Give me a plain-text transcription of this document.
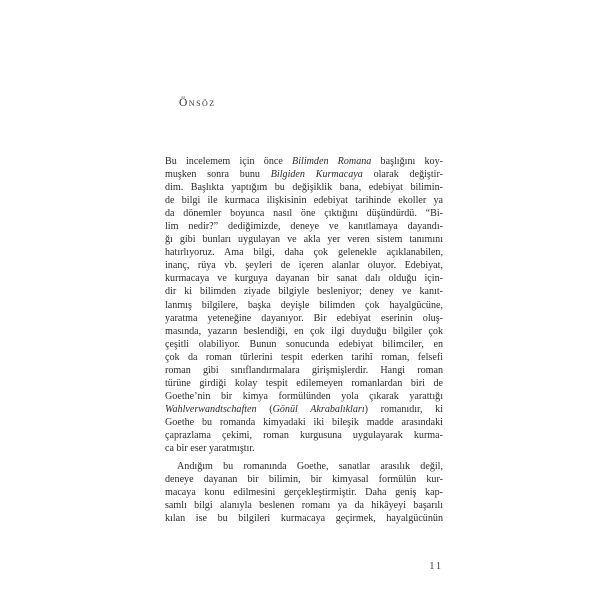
Önsöz
Bu incelemem için önce Bilimden Romana başlığını koy-
muşken sonra bunu Bilgiden Kurmacaya olarak değiştir-
dim. Başlıkta yaptığım bu değişiklik bana, edebiyat bilimin-
de bilgi ile kurmaca ilişkisinin edebiyat tarihinde ekoller ya
da dönemler boyunca nasıl öne çıktığını düşündürdü. “Bi-
lim nedir?” dediğimizde, deneye ve kanıtlamaya dayandı-
ğı gibi bunları uygulayan ve akla yer veren sistem tanımını
hatırlıyoruz. Ama bilgi, daha çok gelenekle açıklanabilen,
inanç, rüya vb. şeyleri de içeren alanlar oluyor. Edebiyat,
kurmacaya ve kurguya dayanan bir sanat dalı olduğu için-
dir ki bilimden ziyade bilgiyle besleniyor; deney ve kanıt-
lanmış bilgilere, başka deyişle bilimden çok hayalgücüne,
yaratma yeteneğine dayanıyor. Bir edebiyat eserinin oluş-
masında, yazarın beslendiği, en çok ilgi duyduğu bilgiler çok
çeşitli olabiliyor. Bunun sonucunda edebiyat bilimciler, en
çok da roman türlerini tespit ederken tarihî roman, felsefi
roman gibi sınıflandırmalara girişmişlerdir. Hangi roman
türüne girdiği kolay tespit edilemeyen romanlardan biri de
Goethe’nin bir kimya formülünden yola çıkarak yarattığı
Wahlverwandtschaften (Gönül Akrabalıkları) romanıdır, ki
Goethe bu romanda kimyadaki iki bileşik madde arasındaki
çaprazlama çekimi, roman kurgusuna uygulayarak kurma-
ca bir eser yaratmıştır.
Andığım bu romanında Goethe, sanatlar arasılık değil,
deneye dayanan bir bilimin, bir kimyasal formülün kur-
macaya konu edilmesini gerçekleştirmiştir. Daha geniş kap-
samlı bilgi alanıyla beslenen romanı ya da hikâyeyi başarılı
kılan ise bu bilgileri kurmacaya geçirmek, hayalgücünün
11
